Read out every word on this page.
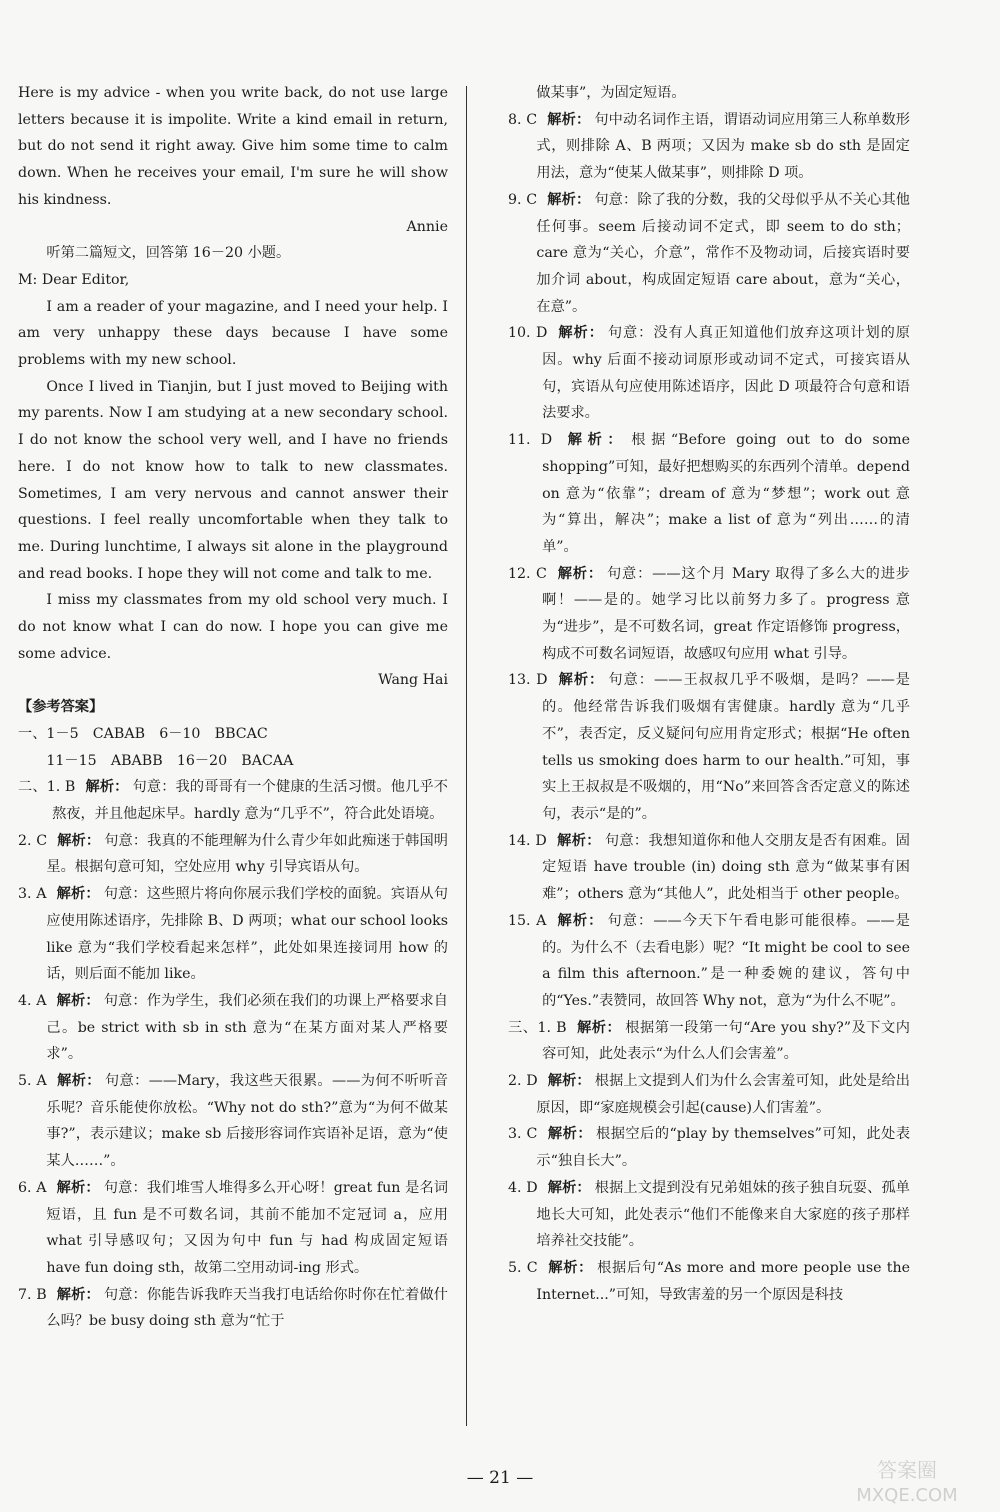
Here is my advice - when you write back, do not use large letters because it is impolite. Write a kind email in return, but do not send it right away. Give him some time to calm down. When he receives your email, I'm sure he will show his kindness.

Annie

听第二篇短文，回答第 16－20 小题。

M: Dear Editor,

I am a reader of your magazine, and I need your help. I am very unhappy these days because I have some problems with my new school.

Once I lived in Tianjin, but I just moved to Beijing with my parents. Now I am studying at a new secondary school. I do not know the school very well, and I have no friends here. I do not know how to talk to new classmates. Sometimes, I am very nervous and cannot answer their questions. I feel really uncomfortable when they talk to me. During lunchtime, I always sit alone in the playground and read books. I hope they will not come and talk to me.

I miss my classmates from my old school very much. I do not know what I can do now. I hope you can give me some advice.

Wang Hai

【参考答案】

一、1－5　CABAB　6－10　BBCAC

　　11－15　ABABB　16－20　BACAA

二、1. B 解析： 句意：我的哥哥有一个健康的生活习惯。他几乎不熬夜，并且他起床早。hardly 意为“几乎不”，符合此处语境。

2. C 解析： 句意：我真的不能理解为什么青少年如此痴迷于韩国明星。根据句意可知，空处应用 why 引导宾语从句。

3. A 解析： 句意：这些照片将向你展示我们学校的面貌。宾语从句应使用陈述语序，先排除 B、D 两项；what our school looks like 意为“我们学校看起来怎样”，此处如果连接词用 how 的话，则后面不能加 like。

4. A 解析： 句意：作为学生，我们必须在我们的功课上严格要求自己。be strict with sb in sth 意为“在某方面对某人严格要求”。

5. A 解析： 句意：——Mary，我这些天很累。——为何不听听音乐呢？音乐能使你放松。“Why not do sth?”意为“为何不做某事?”，表示建议；make sb 后接形容词作宾语补足语，意为“使某人……”。

6. A 解析： 句意：我们堆雪人堆得多么开心呀！great fun 是名词短语，且 fun 是不可数名词，其前不能加不定冠词 a，应用 what 引导感叹句；又因为句中 fun 与 had 构成固定短语 have fun doing sth，故第二空用动词-ing 形式。

7. B 解析： 句意：你能告诉我昨天当我打电话给你时你在忙着做什么吗？be busy doing sth 意为“忙于

做某事”，为固定短语。

8. C 解析： 句中动名词作主语，谓语动词应用第三人称单数形式，则排除 A、B 两项；又因为 make sb do sth 是固定用法，意为“使某人做某事”，则排除 D 项。

9. C 解析： 句意：除了我的分数，我的父母似乎从不关心其他任何事。seem 后接动词不定式，即 seem to do sth；care 意为“关心，介意”，常作不及物动词，后接宾语时要加介词 about，构成固定短语 care about，意为“关心，在意”。

10. D 解析： 句意：没有人真正知道他们放弃这项计划的原因。why 后面不接动词原形或动词不定式，可接宾语从句，宾语从句应使用陈述语序，因此 D 项最符合句意和语法要求。

11. D 解析： 根据“Before going out to do some shopping”可知，最好把想购买的东西列个清单。depend on 意为“依靠”；dream of 意为“梦想”；work out 意为“算出，解决”；make a list of 意为“列出……的清单”。

12. C 解析： 句意：——这个月 Mary 取得了多么大的进步啊！——是的。她学习比以前努力多了。progress 意为“进步”，是不可数名词，great 作定语修饰 progress，构成不可数名词短语，故感叹句应用 what 引导。

13. D 解析： 句意：——王叔叔几乎不吸烟，是吗？——是的。他经常告诉我们吸烟有害健康。hardly 意为“几乎不”，表否定，反义疑问句应用肯定形式；根据“He often tells us smoking does harm to our health.”可知，事实上王叔叔是不吸烟的，用“No”来回答含否定意义的陈述句，表示“是的”。

14. D 解析： 句意：我想知道你和他人交朋友是否有困难。固定短语 have trouble (in) doing sth 意为“做某事有困难”；others 意为“其他人”，此处相当于 other people。

15. A 解析： 句意：——今天下午看电影可能很棒。——是的。为什么不（去看电影）呢？“It might be cool to see a film this afternoon.”是一种委婉的建议，答句中的“Yes.”表赞同，故回答 Why not，意为“为什么不呢”。

三、1. B 解析： 根据第一段第一句“Are you shy?”及下文内容可知，此处表示“为什么人们会害羞”。

2. D 解析： 根据上文提到人们为什么会害羞可知，此处是给出原因，即“家庭规模会引起(cause)人们害羞”。

3. C 解析： 根据空后的“play by themselves”可知，此处表示“独自长大”。

4. D 解析： 根据上文提到没有兄弟姐妹的孩子独自玩耍、孤单地长大可知，此处表示“他们不能像来自大家庭的孩子那样培养社交技能”。

5. C 解析： 根据后句“As more and more people use the Internet...”可知，导致害羞的另一个原因是科技

— 21 —	答案圈
MXQE.COM
